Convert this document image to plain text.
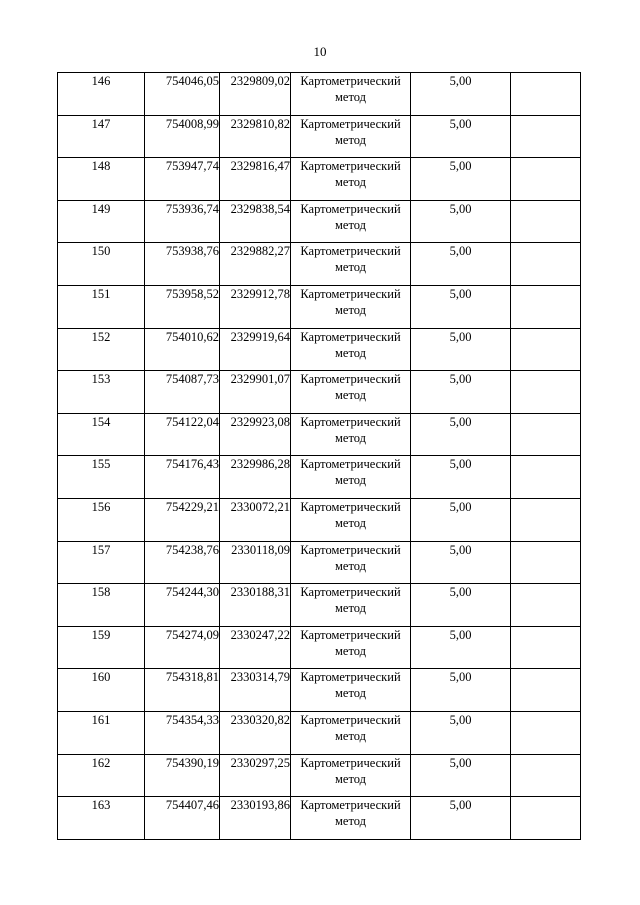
10
146	754046,05	2329809,02	Картометрический метод	5,00	
147	754008,99	2329810,82	Картометрический метод	5,00	
148	753947,74	2329816,47	Картометрический метод	5,00	
149	753936,74	2329838,54	Картометрический метод	5,00	
150	753938,76	2329882,27	Картометрический метод	5,00	
151	753958,52	2329912,78	Картометрический метод	5,00	
152	754010,62	2329919,64	Картометрический метод	5,00	
153	754087,73	2329901,07	Картометрический метод	5,00	
154	754122,04	2329923,08	Картометрический метод	5,00	
155	754176,43	2329986,28	Картометрический метод	5,00	
156	754229,21	2330072,21	Картометрический метод	5,00	
157	754238,76	2330118,09	Картометрический метод	5,00	
158	754244,30	2330188,31	Картометрический метод	5,00	
159	754274,09	2330247,22	Картометрический метод	5,00	
160	754318,81	2330314,79	Картометрический метод	5,00	
161	754354,33	2330320,82	Картометрический метод	5,00	
162	754390,19	2330297,25	Картометрический метод	5,00	
163	754407,46	2330193,86	Картометрический метод	5,00	
